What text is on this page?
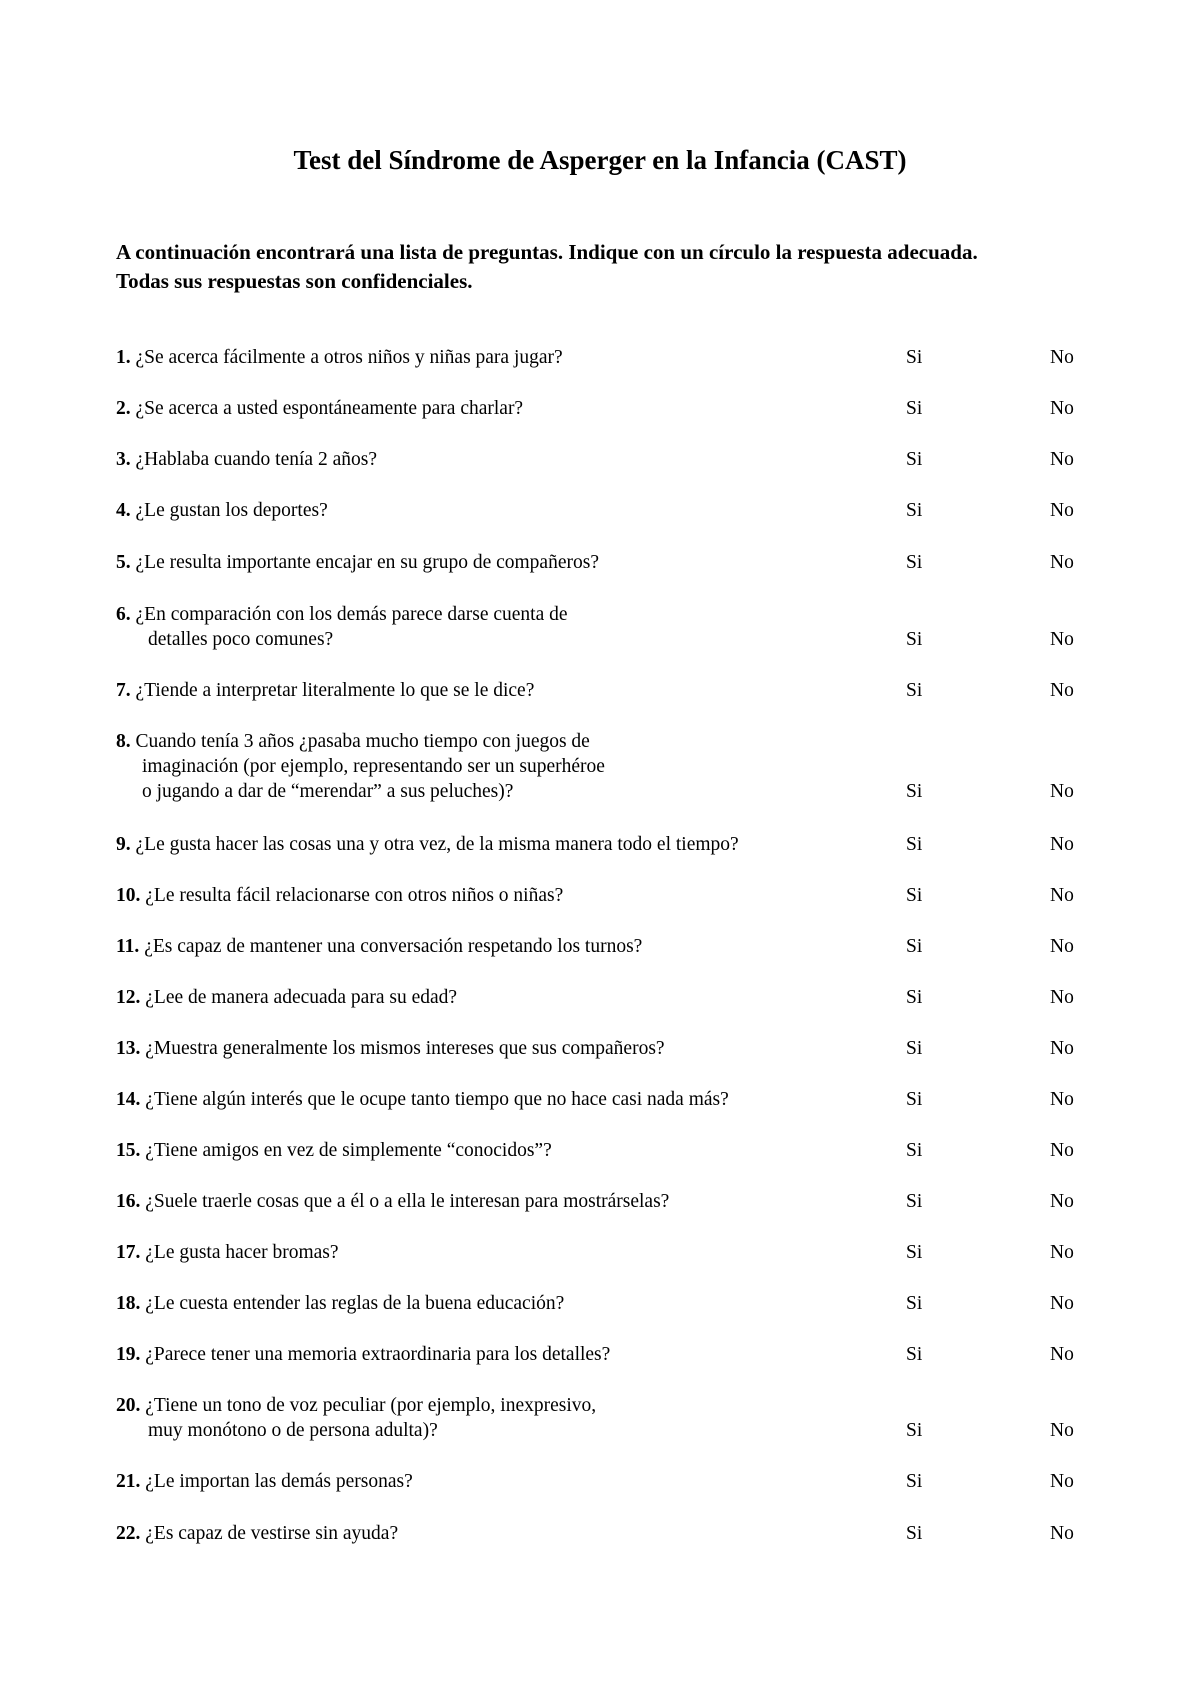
Test del Síndrome de Asperger en la Infancia (CAST)
A continuación encontrará una lista de preguntas. Indique con un círculo la respuesta adecuada. Todas sus respuestas son confidenciales.
1. ¿Se acerca fácilmente a otros niños y niñas para jugar?	Si	No
2. ¿Se acerca a usted espontáneamente para charlar?	Si	No
3. ¿Hablaba cuando tenía 2 años?	Si	No
4. ¿Le gustan los deportes?	Si	No
5. ¿Le resulta importante encajar en su grupo de compañeros?	Si	No
6. ¿En comparación con los demás parece darse cuenta de
detalles poco comunes?	Si	No
7. ¿Tiende a interpretar literalmente lo que se le dice?	Si	No
8. Cuando tenía 3 años ¿pasaba mucho tiempo con juegos de
imaginación (por ejemplo, representando ser un superhéroe
o jugando a dar de “merendar” a sus peluches)?	Si	No
9. ¿Le gusta hacer las cosas una y otra vez, de la misma manera todo el tiempo?	Si	No
10. ¿Le resulta fácil relacionarse con otros niños o niñas?	Si	No
11. ¿Es capaz de mantener una conversación respetando los turnos?	Si	No
12. ¿Lee de manera adecuada para su edad?	Si	No
13. ¿Muestra generalmente los mismos intereses que sus compañeros?	Si	No
14. ¿Tiene algún interés que le ocupe tanto tiempo que no hace casi nada más?	Si	No
15. ¿Tiene amigos en vez de simplemente “conocidos”?	Si	No
16. ¿Suele traerle cosas que a él o a ella le interesan para mostrárselas?	Si	No
17. ¿Le gusta hacer bromas?	Si	No
18. ¿Le cuesta entender las reglas de la buena educación?	Si	No
19. ¿Parece tener una memoria extraordinaria para los detalles?	Si	No
20. ¿Tiene un tono de voz peculiar (por ejemplo, inexpresivo,
muy monótono o de persona adulta)?	Si	No
21. ¿Le importan las demás personas?	Si	No
22. ¿Es capaz de vestirse sin ayuda?	Si	No
